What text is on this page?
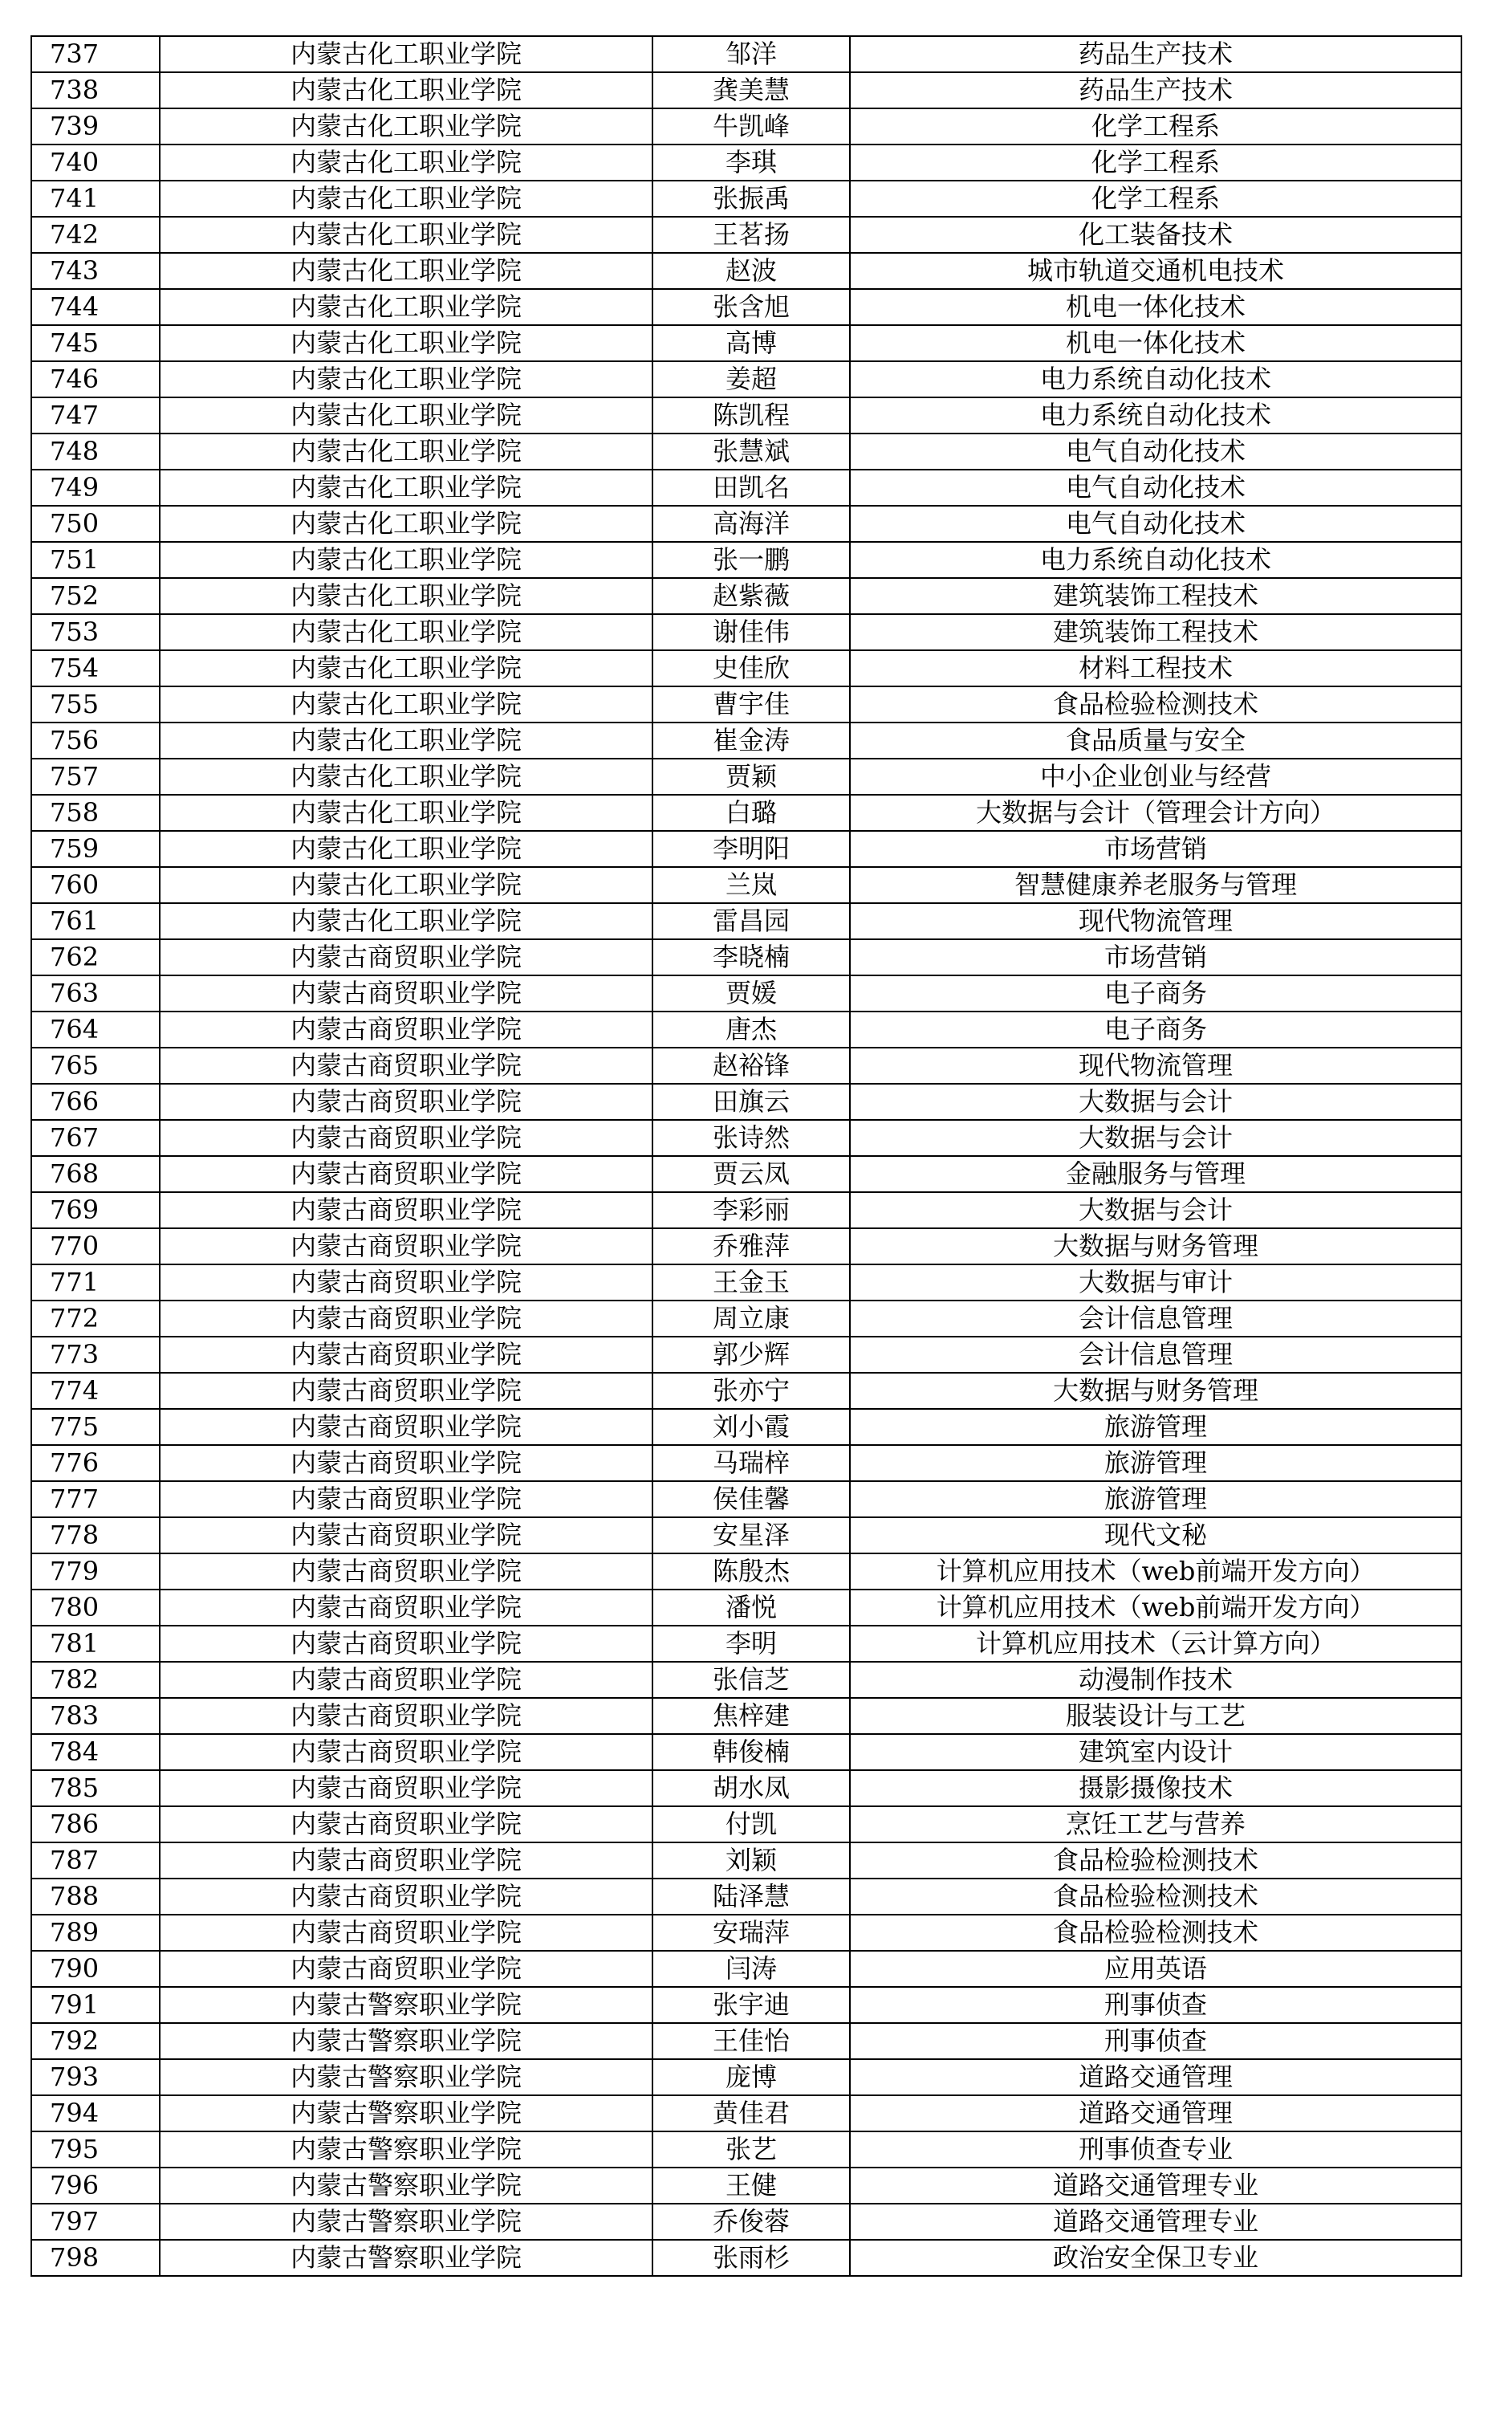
737	内蒙古化工职业学院	邹洋	药品生产技术
738	内蒙古化工职业学院	龚美慧	药品生产技术
739	内蒙古化工职业学院	牛凯峰	化学工程系
740	内蒙古化工职业学院	李琪	化学工程系
741	内蒙古化工职业学院	张振禹	化学工程系
742	内蒙古化工职业学院	王茗扬	化工装备技术
743	内蒙古化工职业学院	赵波	城市轨道交通机电技术
744	内蒙古化工职业学院	张含旭	机电一体化技术
745	内蒙古化工职业学院	高博	机电一体化技术
746	内蒙古化工职业学院	姜超	电力系统自动化技术
747	内蒙古化工职业学院	陈凯程	电力系统自动化技术
748	内蒙古化工职业学院	张慧斌	电气自动化技术
749	内蒙古化工职业学院	田凯名	电气自动化技术
750	内蒙古化工职业学院	高海洋	电气自动化技术
751	内蒙古化工职业学院	张一鹏	电力系统自动化技术
752	内蒙古化工职业学院	赵紫薇	建筑装饰工程技术
753	内蒙古化工职业学院	谢佳伟	建筑装饰工程技术
754	内蒙古化工职业学院	史佳欣	材料工程技术
755	内蒙古化工职业学院	曹宇佳	食品检验检测技术
756	内蒙古化工职业学院	崔金涛	食品质量与安全
757	内蒙古化工职业学院	贾颖	中小企业创业与经营
758	内蒙古化工职业学院	白璐	大数据与会计（管理会计方向）
759	内蒙古化工职业学院	李明阳	市场营销
760	内蒙古化工职业学院	兰岚	智慧健康养老服务与管理
761	内蒙古化工职业学院	雷昌园	现代物流管理
762	内蒙古商贸职业学院	李晓楠	市场营销
763	内蒙古商贸职业学院	贾媛	电子商务
764	内蒙古商贸职业学院	唐杰	电子商务
765	内蒙古商贸职业学院	赵裕锋	现代物流管理
766	内蒙古商贸职业学院	田旗云	大数据与会计
767	内蒙古商贸职业学院	张诗然	大数据与会计
768	内蒙古商贸职业学院	贾云凤	金融服务与管理
769	内蒙古商贸职业学院	李彩丽	大数据与会计
770	内蒙古商贸职业学院	乔雅萍	大数据与财务管理
771	内蒙古商贸职业学院	王金玉	大数据与审计
772	内蒙古商贸职业学院	周立康	会计信息管理
773	内蒙古商贸职业学院	郭少辉	会计信息管理
774	内蒙古商贸职业学院	张亦宁	大数据与财务管理
775	内蒙古商贸职业学院	刘小霞	旅游管理
776	内蒙古商贸职业学院	马瑞梓	旅游管理
777	内蒙古商贸职业学院	侯佳馨	旅游管理
778	内蒙古商贸职业学院	安星泽	现代文秘
779	内蒙古商贸职业学院	陈殷杰	计算机应用技术（web前端开发方向）
780	内蒙古商贸职业学院	潘悦	计算机应用技术（web前端开发方向）
781	内蒙古商贸职业学院	李明	计算机应用技术（云计算方向）
782	内蒙古商贸职业学院	张信芝	动漫制作技术
783	内蒙古商贸职业学院	焦梓建	服装设计与工艺
784	内蒙古商贸职业学院	韩俊楠	建筑室内设计
785	内蒙古商贸职业学院	胡水凤	摄影摄像技术
786	内蒙古商贸职业学院	付凯	烹饪工艺与营养
787	内蒙古商贸职业学院	刘颖	食品检验检测技术
788	内蒙古商贸职业学院	陆泽慧	食品检验检测技术
789	内蒙古商贸职业学院	安瑞萍	食品检验检测技术
790	内蒙古商贸职业学院	闫涛	应用英语
791	内蒙古警察职业学院	张宇迪	刑事侦查
792	内蒙古警察职业学院	王佳怡	刑事侦查
793	内蒙古警察职业学院	庞博	道路交通管理
794	内蒙古警察职业学院	黄佳君	道路交通管理
795	内蒙古警察职业学院	张艺	刑事侦查专业
796	内蒙古警察职业学院	王健	道路交通管理专业
797	内蒙古警察职业学院	乔俊蓉	道路交通管理专业
798	内蒙古警察职业学院	张雨杉	政治安全保卫专业
